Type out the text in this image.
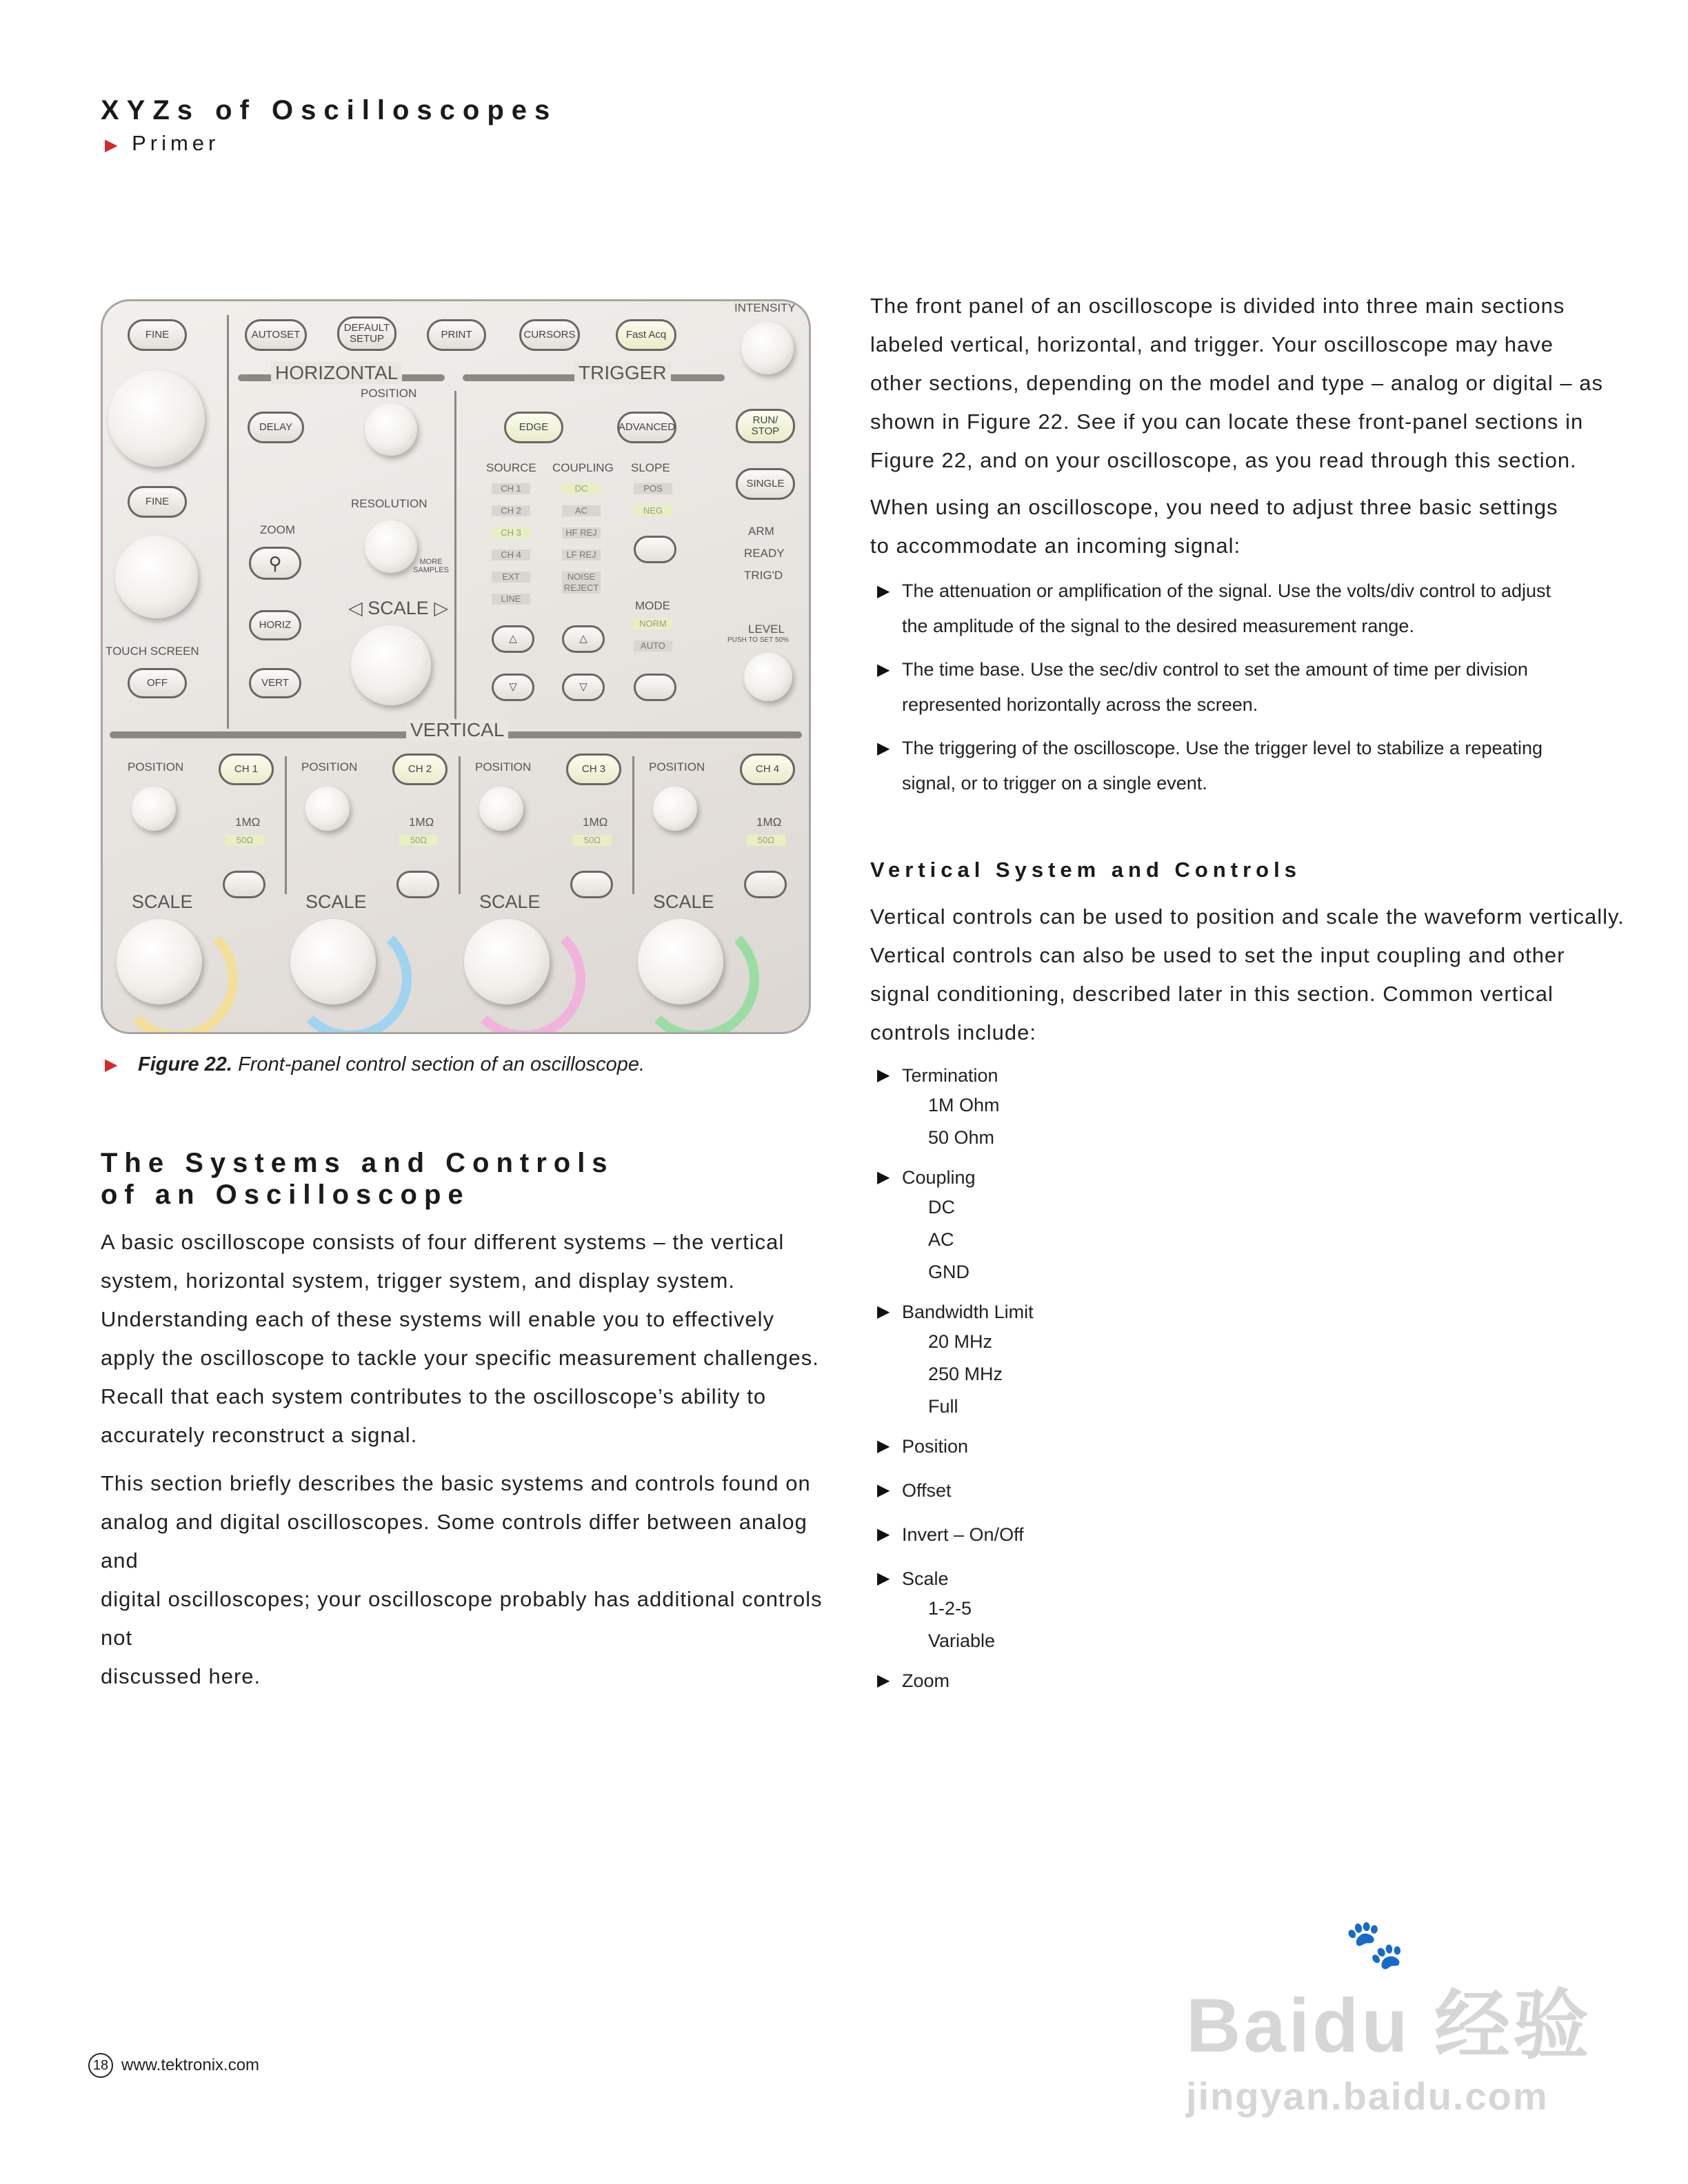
XYZs of Oscilloscopes
▶ Primer
FINE	AUTOSET
DEFAULT SETUP	PRINT	CURSORS	Fast Acq
INTENSITY
FINE
TOUCH SCREEN
OFF
HORIZONTAL
POSITION
DELAY
RESOLUTION
MORE SAMPLES
ZOOM
⚲
HORIZ
VERT
◁ SCALE ▷
TRIGGER
EDGE	ADVANCED
RUN/ STOP
SINGLE
SOURCE COUPLING SLOPE
CH 1
CH 2
CH 3
CH 4
EXT
LINE
DC
AC
HF REJ
LF REJ
NOISE REJECT
POS
NEG
MODE
NORM
AUTO
△
▽
△
▽
ARM
READY
TRIG'D
LEVEL
PUSH TO SET 50%
VERTICAL
POSITION	CH 1
1MΩ
50Ω
SCALE
POSITION	CH 2
1MΩ
50Ω
SCALE
POSITION	CH 3
1MΩ
50Ω
SCALE
POSITION	CH 4
1MΩ
50Ω
SCALE
▶ Figure 22. Front-panel control section of an oscilloscope.
The Systems and Controls
of an Oscilloscope
A basic oscilloscope consists of four different systems – the vertical
system, horizontal system, trigger system, and display system.
Understanding each of these systems will enable you to effectively
apply the oscilloscope to tackle your specific measurement challenges.
Recall that each system contributes to the oscilloscope’s ability to
accurately reconstruct a signal.
This section briefly describes the basic systems and controls found on
analog and digital oscilloscopes. Some controls differ between analog and
digital oscilloscopes; your oscilloscope probably has additional controls not
discussed here.
The front panel of an oscilloscope is divided into three main sections
labeled vertical, horizontal, and trigger. Your oscilloscope may have
other sections, depending on the model and type – analog or digital – as
shown in Figure 22. See if you can locate these front-panel sections in
Figure 22, and on your oscilloscope, as you read through this section.
When using an oscilloscope, you need to adjust three basic settings
to accommodate an incoming signal:
▶ The attenuation or amplification of the signal. Use the volts/div control to adjust
the amplitude of the signal to the desired measurement range.
▶ The time base. Use the sec/div control to set the amount of time per division
represented horizontally across the screen.
▶ The triggering of the oscilloscope. Use the trigger level to stabilize a repeating
signal, or to trigger on a single event.
Vertical System and Controls
Vertical controls can be used to position and scale the waveform vertically.
Vertical controls can also be used to set the input coupling and other
signal conditioning, described later in this section. Common vertical
controls include:
▶ Termination
1M Ohm
50 Ohm
▶ Coupling
DC
AC
GND
▶ Bandwidth Limit
20 MHz
250 MHz
Full
▶ Position
▶ Offset
▶ Invert – On/Off
▶ Scale
1-2-5
Variable
▶ Zoom
🐾
Baidu 经验
jingyan.baidu.com
18 www.tektronix.com
